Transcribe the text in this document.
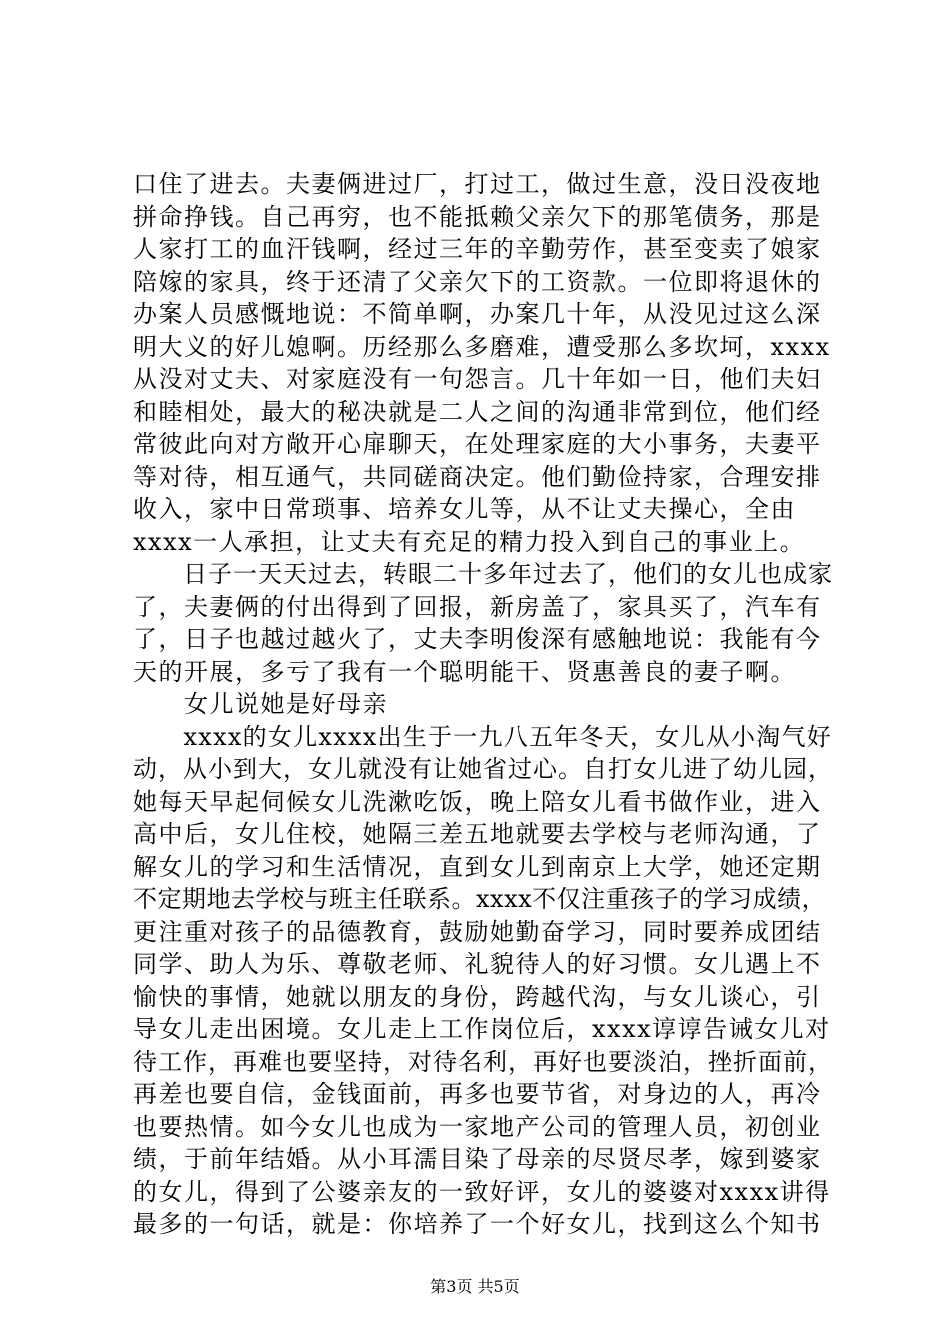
口住了进去。夫妻俩进过厂，打过工，做过生意，没日没夜地
拼命挣钱。自己再穷，也不能抵赖父亲欠下的那笔债务，那是
人家打工的血汗钱啊，经过三年的辛勤劳作，甚至变卖了娘家
陪嫁的家具，终于还清了父亲欠下的工资款。一位即将退休的
办案人员感慨地说：不简单啊，办案几十年，从没见过这么深
明大义的好儿媳啊。历经那么多磨难，遭受那么多坎坷，xxxx
从没对丈夫、对家庭没有一句怨言。几十年如一日，他们夫妇
和睦相处，最大的秘决就是二人之间的沟通非常到位，他们经
常彼此向对方敞开心扉聊天，在处理家庭的大小事务，夫妻平
等对待，相互通气，共同磋商决定。他们勤俭持家，合理安排
收入，家中日常琐事、培养女儿等，从不让丈夫操心，全由
xxxx一人承担，让丈夫有充足的精力投入到自己的事业上。
　　日子一天天过去，转眼二十多年过去了，他们的女儿也成家
了，夫妻俩的付出得到了回报，新房盖了，家具买了，汽车有
了，日子也越过越火了，丈夫李明俊深有感触地说：我能有今
天的开展，多亏了我有一个聪明能干、贤惠善良的妻子啊。
　　女儿说她是好母亲
　　xxxx的女儿xxxx出生于一九八五年冬天，女儿从小淘气好
动，从小到大，女儿就没有让她省过心。自打女儿进了幼儿园，
她每天早起伺候女儿洗漱吃饭，晚上陪女儿看书做作业，进入
高中后，女儿住校，她隔三差五地就要去学校与老师沟通，了
解女儿的学习和生活情况，直到女儿到南京上大学，她还定期
不定期地去学校与班主任联系。xxxx不仅注重孩子的学习成绩，
更注重对孩子的品德教育，鼓励她勤奋学习，同时要养成团结
同学、助人为乐、尊敬老师、礼貌待人的好习惯。女儿遇上不
愉快的事情，她就以朋友的身份，跨越代沟，与女儿谈心，引
导女儿走出困境。女儿走上工作岗位后，xxxx谆谆告诫女儿对
待工作，再难也要坚持，对待名利，再好也要淡泊，挫折面前，
再差也要自信，金钱面前，再多也要节省，对身边的人，再冷
也要热情。如今女儿也成为一家地产公司的管理人员，初创业
绩，于前年结婚。从小耳濡目染了母亲的尽贤尽孝，嫁到婆家
的女儿，得到了公婆亲友的一致好评，女儿的婆婆对xxxx讲得
最多的一句话，就是：你培养了一个好女儿，找到这么个知书
第3页 共5页
